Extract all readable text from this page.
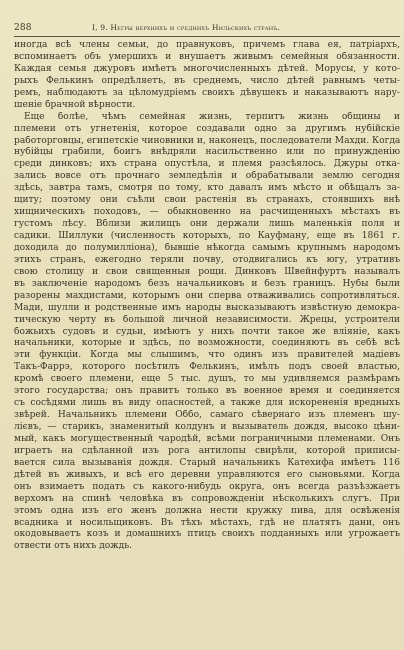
288	I, 9. Негры верхнихъ и среднихъ Нильскихъ странъ.
иногда всѣ члены семьи, до правнуковъ, причемъ глава ея, патріархъ,
вспоминаетъ объ умершихъ и внушаетъ живымъ семейныя обязанности.
Каждая семья джуровъ имѣетъ многочисленныхъ дѣтей. Морусы, у кото-
рыхъ Фелькинъ опредѣляетъ, въ среднемъ, число дѣтей равнымъ четы-
ремъ, наблюдаютъ за цѣломудріемъ своихъ дѣвушекъ и наказываютъ нару-
шеніе брачной вѣрности.
Еще болѣе, чѣмъ семейная жизнь, терпитъ жизнь общины и
племени отъ угнетенія, которое создавали одно за другимъ нубійскіе
работорговцы, египетскіе чиновники и, наконецъ, последователи Махди. Когда
нубійцы грабили, боигъ внѣдряли насильственно или по принужденію
среди динковъ; ихъ страна опустѣла, и племя разсѣялось. Джуры отка-
зались вовсе отъ прочнаго земледѣлія и обрабатывали землю сегодня
здѣсь, завтра тамъ, смотря по тому, кто давалъ имъ мѣсто и обѣщалъ за-
щиту; поэтому они съѣли свои растенія въ странахъ, стоявшихъ внѣ
хищническихъ походовъ, — обыкновенно на расчищенныхъ мѣстахъ въ
густомъ лѣсу. Вблизи жилищъ они держали лишь маленькія поля и
садики. Шиллуки (численность которыхъ, по Кауфману, еще въ 1861 г.
доходила до полумилліона), бывшіе нѣкогда самымъ крупнымъ народомъ
этихъ странъ, ежегодно теряли почву, отодвигались къ югу, утративъ
свою столицу и свои священныя рощи. Динковъ Швейнфуртъ называлъ
въ заключеніе народомъ безъ начальниковъ и безъ границъ. Нубы были
разорены махдистами, которымъ они сперва отваживались сопротивляться.
Мади, шулли и родственные имъ народы высказываютъ извѣстную демокра-
тическую черту въ большой личной независимости. Жрецы, устроители
божьихъ судовъ и судьи, имѣютъ у нихъ почти такое же вліяніе, какъ
начальники, которые и здѣсь, по возможности, соединяютъ въ себѣ всѣ
эти функціи. Когда мы слышимъ, что одинъ изъ правителей мадіевъ
Такъ-Фаррэ, которого посѣтилъ Фелькинъ, имѣлъ подъ своей властью,
кромѣ своего племени, еще 5 тыс. душъ, то мы удивляемся размѣрамъ
этого государства; онъ правитъ только въ военное время и соединяется
съ сосѣдями лишь въ виду опасностей, а также для искорененія вредныхъ
звѣрей. Начальникъ племени Оббо, самаго сѣвернаго изъ племенъ шу-
лієвъ, — старикъ, знаменитый колдунъ и вызыватель дождя, высоко цѣни-
мый, какъ могущественный чародѣй, всѣми пограничными племенами. Онъ
играетъ на сдѣланной изъ рога антилопы свирѣли, которой приписы-
вается сила вызыванія дождя. Старый начальникъ Катехифа имѣетъ 116
дѣтей въ живыхъ, и всѣ его деревни управляются его сыновьями. Когда
онъ взимаетъ подать съ какого-нибудь округа, онъ всегда разъѣзжаетъ
верхомъ на спинѣ человѣка въ сопровожденіи нѣсколькихъ слугъ. При
этомъ одна изъ его женъ должна нести кружку пива, для освѣженія
всадника и носильщиковъ. Въ тѣхъ мѣстахъ, гдѣ не платятъ дани, онъ
окодовываетъ козъ и домашнихъ птицъ своихъ подданныхъ или угрожаетъ
отвести отъ нихъ дождь.
